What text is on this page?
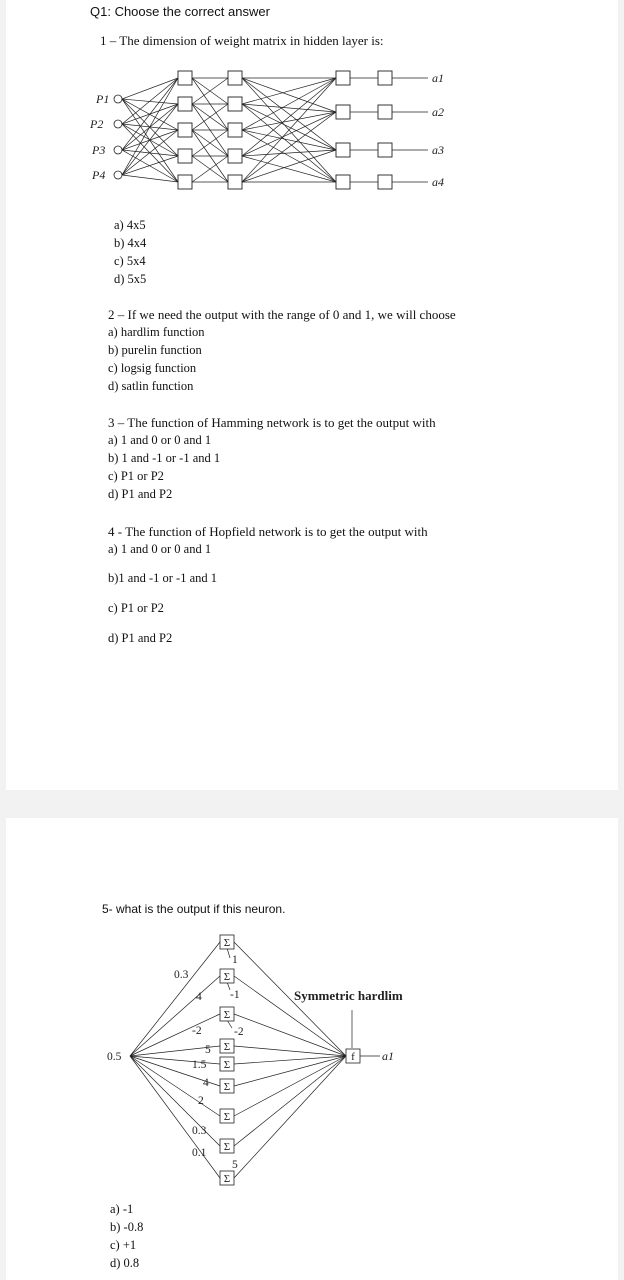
Q1: Choose the correct answer
1 – The dimension of weight matrix in hidden layer is:
P1
P2
P3
P4
a1
a2
a3
a4
a) 4x5
b) 4x4
c) 5x4
d) 5x5
2 – If we need the output with the range of 0 and 1, we will choose
a) hardlim function
b) purelin function
c) logsig function
d) satlin function
3 – The function of Hamming network is to get the output with
a) 1 and 0 or 0 and 1
b) 1 and -1 or -1 and 1
c) P1 or P2
d) P1 and P2
4 - The function of Hopfield network is to get the output with
a) 1 and 0 or 0 and 1
b)1 and -1 or -1 and 1
c) P1 or P2
d) P1 and P2
5- what is the output if this neuron.
Σ
Σ
Σ
Σ
Σ
Σ
Σ
Σ
Σ
f
0.5
0.3
4
-2
5
1.5
4
2
0.3
0.1
1
-1
-2
5
Symmetric hardlim
a1
a) -1
b) -0.8
c) +1
d) 0.8
